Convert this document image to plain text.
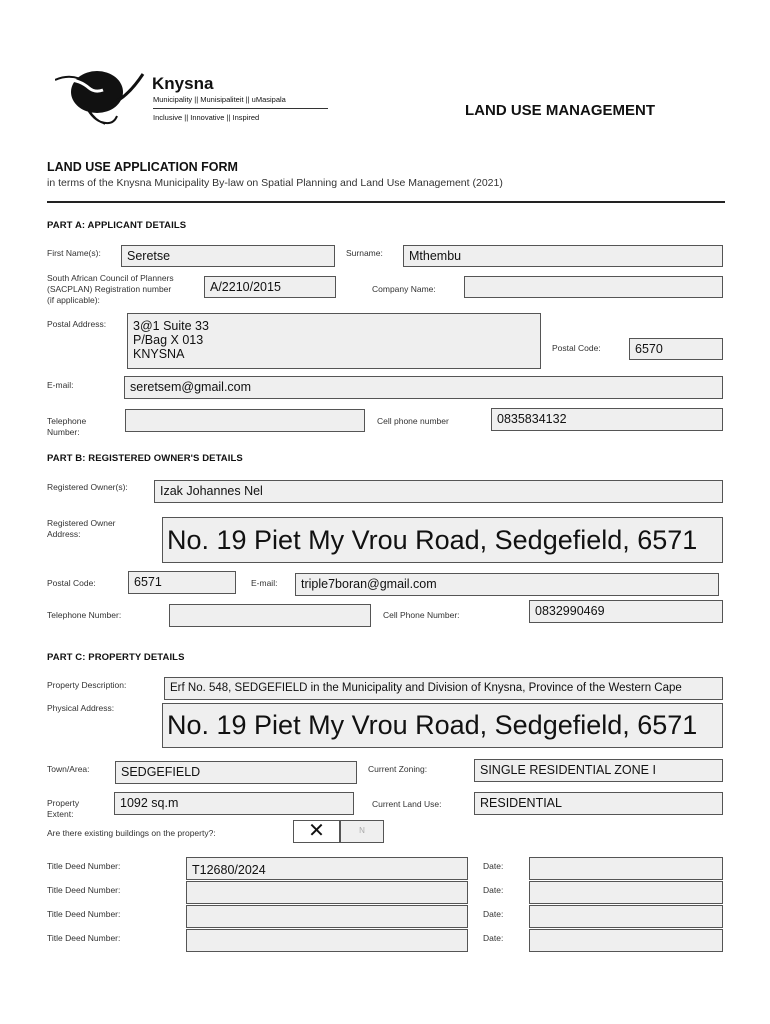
Knysna
Municipality || Munisipaliteit || uMasipala
Inclusive || Innovative || Inspired	LAND USE MANAGEMENT
LAND USE APPLICATION FORM
in terms of the Knysna Municipality By-law on Spatial Planning and Land Use Management (2021)
PART A: APPLICANT DETAILS
First Name(s):	Seretse	Surname:	Mthembu
South African Council of Planners
(SACPLAN) Registration number
(if applicable):
A/2210/2015	Company Name:
Postal Address:	3@1 Suite 33
P/Bag X 013
KNYSNA	Postal Code:	6570
E-mail:	seretsem@gmail.com
Telephone
Number:
Cell phone number	0835834132
PART B: REGISTERED OWNER'S DETAILS
Registered Owner(s):	Izak Johannes Nel
Registered Owner
Address:	No. 19 Piet My Vrou Road, Sedgefield, 6571
Postal Code:	6571	E-mail:	triple7boran@gmail.com
Telephone Number:	Cell Phone Number:	0832990469
PART C: PROPERTY DETAILS
Property Description:	Erf No. 548, SEDGEFIELD in the Municipality and Division of Knysna, Province of the Western Cape
Physical Address:
No. 19 Piet My Vrou Road, Sedgefield, 6571
Town/Area:	SEDGEFIELD	Current Zoning:	SINGLE RESIDENTIAL ZONE I
Property
Extent:
1092 sq.m	Current Land Use:	RESIDENTIAL
Are there existing buildings on the property?:	✕	N
Title Deed Number:	T12680/2024	Date:
Title Deed Number:	Date:
Title Deed Number:	Date:
Title Deed Number:	Date:
